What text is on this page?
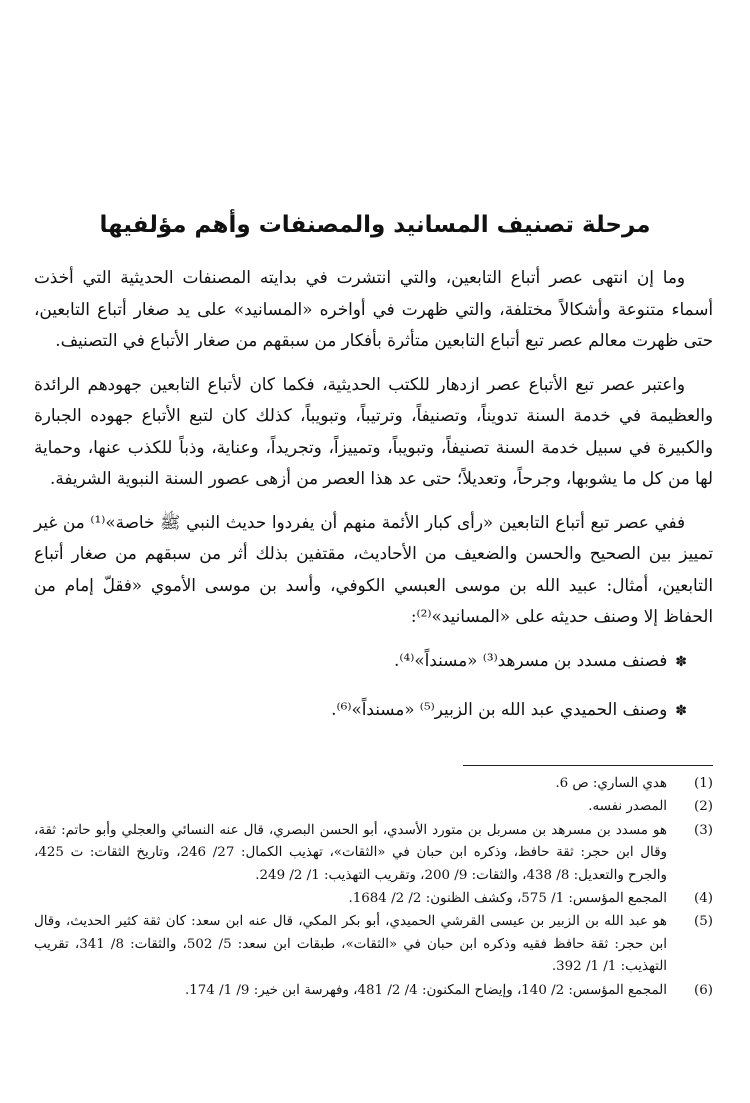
مرحلة تصنيف المسانيد والمصنفات وأهم مؤلفيها

وما إن انتهى عصر أتباع التابعين، والتي انتشرت في بدايته المصنفات الحديثية التي أخذت أسماء متنوعة وأشكالاً مختلفة، والتي ظهرت في أواخره «المسانيد» على يد صغار أتباع التابعين، حتى ظهرت معالم عصر تبع أتباع التابعين متأثرة بأفكار من سبقهم من صغار الأتباع في التصنيف.

واعتبر عصر تبع الأتباع عصر ازدهار للكتب الحديثية، فكما كان لأتباع التابعين جهودهم الرائدة والعظيمة في خدمة السنة تدويناً، وتصنيفاً، وترتيباً، وتبويباً، كذلك كان لتبع الأتباع جهوده الجبارة والكبيرة في سبيل خدمة السنة تصنيفاً، وتبويباً، وتمييزاً، وتجريداً، وعناية، وذباً للكذب عنها، وحماية لها من كل ما يشوبها، وجرحاً، وتعديلاً؛ حتى عد هذا العصر من أزهى عصور السنة النبوية الشريفة.

ففي عصر تبع أتباع التابعين «رأى كبار الأئمة منهم أن يفردوا حديث النبي ﷺ خاصة»⁽¹⁾ من غير تمييز بين الصحيح والحسن والضعيف من الأحاديث، مقتفين بذلك أثر من سبقهم من صغار أتباع التابعين، أمثال: عبيد الله بن موسى العبسي الكوفي، وأسد بن موسى الأموي «فقلّ إمام من الحفاظ إلا وصنف حديثه على «المسانيد»⁽²⁾:

✽ فصنف مسدد بن مسرهد⁽³⁾ «مسنداً»⁽⁴⁾.
✽ وصنف الحميدي عبد الله بن الزبير⁽⁵⁾ «مسنداً»⁽⁶⁾.
(1)
هدي الساري: ص 6.
(2)
المصدر نفسه.
(3)
هو مسدد بن مسرهد بن مسربل بن متورد الأسدي، أبو الحسن البصري، قال عنه النسائي والعجلي وأبو حاتم: ثقة، وقال ابن حجر: ثقة حافظ، وذكره ابن حبان في «الثقات»، تهذيب الكمال: 27/ 246، وتاريخ الثقات: ت 425، والجرح والتعديل: 8/ 438، والثقات: 9/ 200، وتقريب التهذيب: 1/ 2/ 249.
(4)
المجمع المؤسس: 1/ 575، وكشف الظنون: 2/ 2/ 1684.
(5)
هو عبد الله بن الزبير بن عيسى القرشي الحميدي، أبو بكر المكي، قال عنه ابن سعد: كان ثقة كثير الحديث، وقال ابن حجر: ثقة حافظ فقيه وذكره ابن حبان في «الثقات»، طبقات ابن سعد: 5/ 502، والثقات: 8/ 341، تقريب التهذيب: 1/ 1/ 392.
(6)
المجمع المؤسس: 2/ 140، وإيضاح المكنون: 4/ 2/ 481، وفهرسة ابن خير: 9/ 1/ 174.
